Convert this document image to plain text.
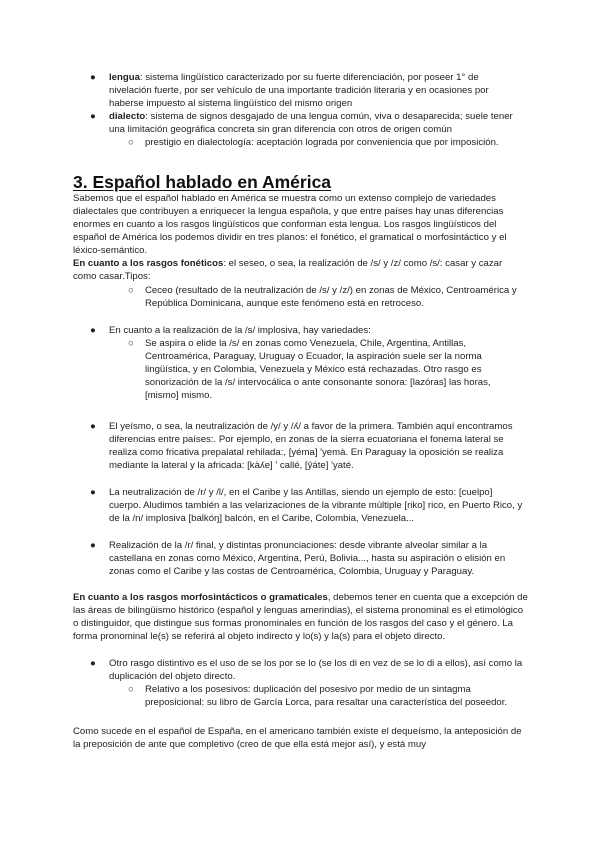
● lengua: sistema lingüístico caracterizado por su fuerte diferenciación, por poseer 1° de nivelación fuerte, por ser vehículo de una importante tradición literaria y en ocasiones por haberse impuesto al sistema lingüístico del mismo origen

● dialecto: sistema de signos desgajado de una lengua común, viva o desaparecida; suele tener una limitación geográfica concreta sin gran diferencia con otros de origen común

○ prestigio en dialectología: aceptación lograda por conveniencia que por imposición.

3. Español hablado en América

Sabemos que el español hablado en América se muestra como un extenso complejo de variedades dialectales que contribuyen a enriquecer la lengua española, y que entre países hay unas diferencias enormes en cuanto a los rasgos lingüísticos que conforman esta lengua. Los rasgos lingüísticos del español de América los podemos dividir en tres planos: el fonético, el gramatical o morfosintáctico y el léxico-semántico.

En cuanto a los rasgos fonéticos: el seseo, o sea, la realización de /s/ y /z/ como /s/: casar y cazar como casar.Tipos:

○ Ceceo (resultado de la neutralización de /s/ y /z/) en zonas de México, Centroamérica y República Dominicana, aunque este fenómeno está en retroceso.

● En cuanto a la realización de la /s/ implosiva, hay variedades:

○ Se aspira o elide la /s/ en zonas como Venezuela, Chile, Argentina, Antillas, Centroamérica, Paraguay, Uruguay o Ecuador, la aspiración suele ser la norma lingüística, y en Colombia, Venezuela y México está rechazadas. Otro rasgo es sonorización de la /s/ intervocálica o ante consonante sonora: [lazóras] las horas, [mismo] mismo.

● El yeísmo, o sea, la neutralización de /y/ y /ʎ/ a favor de la primera. También aquí encontramos diferencias entre países:. Por ejemplo, en zonas de la sierra ecuatoriana el fonema lateral se realiza como fricativa prepalatal rehilada:, [yéma] 'yemà. En Paraguay la oposición se realiza mediante la lateral y la africada: [kàʎe] ' callé, [ŷáte] 'yaté.

● La neutralización de /r/ y /l/, en el Caribe y las Antillas, siendo un ejemplo de esto: [cuelpo] cuerpo. Aludimos también a las velarizaciones de la vibrante múltiple [riko] rico, en Puerto Rico, y de la /n/ implosiva [balkóŋ] balcón, en el Caribe, Colombia, Venezuela...

● Realización de la /r/ final, y distintas pronunciaciones: desde vibrante alveolar similar a la castellana en zonas como México, Argentina, Perú, Bolivia..., hasta su aspiración o elisión en zonas como el Caribe y las costas de Centroamérica, Colombia, Uruguay y Paraguay.

En cuanto a los rasgos morfosintácticos o gramaticales, debemos tener en cuenta que a excepción de las áreas de bilingüismo histórico (español y lenguas amerindias), el sistema pronominal es el etimológico o distinguidor, que distingue sus formas pronominales en función de los rasgos del caso y el género. La forma pronominal le(s) se referirá al objeto indirecto y lo(s) y la(s) para el objeto directo.

● Otro rasgo distintivo es el uso de se los por se lo (se los di en vez de se lo di a ellos), así como la duplicación del objeto directo.

○ Relativo a los posesivos: duplicación del posesivo por medio de un sintagma preposicional: su libro de García Lorca, para resaltar una característica del poseedor.

Como sucede en el español de España, en el americano también existe el dequeísmo, la anteposición de la preposición de ante que completivo (creo de que ella está mejor así), y está muy
